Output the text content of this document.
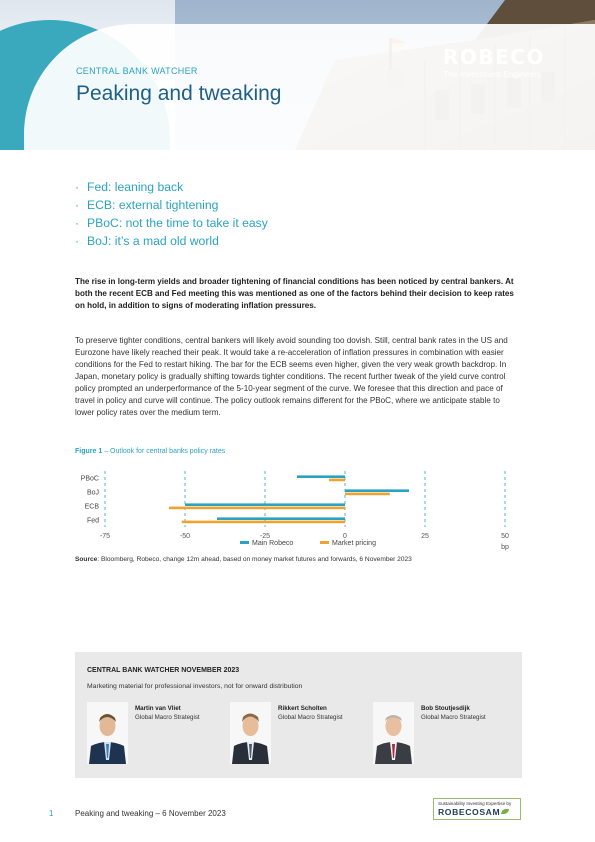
CENTRAL BANK WATCHER
Peaking and tweaking
ROBECO
The Investment Engineers
· Fed: leaning back
· ECB: external tightening
· PBoC: not the time to take it easy
· BoJ: it’s a mad old world

The rise in long-term yields and broader tightening of financial conditions has been noticed by central bankers. At both the recent ECB and Fed meeting this was mentioned as one of the factors behind their decision to keep rates on hold, in addition to signs of moderating inflation pressures.

To preserve tighter conditions, central bankers will likely avoid sounding too dovish. Still, central bank rates in the US and Eurozone have likely reached their peak. It would take a re-acceleration of inflation pressures in combination with easier conditions for the Fed to restart hiking. The bar for the ECB seems even higher, given the very weak growth backdrop. In Japan, monetary policy is gradually shifting towards tighter conditions. The recent further tweak of the yield curve control policy prompted an underperformance of the 5-10-year segment of the curve. We foresee that this direction and pace of travel in policy and curve will continue. The policy outlook remains different for the PBoC, where we anticipate stable to lower policy rates over the medium term.

Figure 1 – Outlook for central banks policy rates
-75	-50	-25	0	25	50
bp
PBoC
BoJ
ECB
Fed
Main Robeco	Market pricing
Source: Bloomberg, Robeco, change 12m ahead, based on money market futures and forwards, 6 November 2023
CENTRAL BANK WATCHER NOVEMBER 2023
Marketing material for professional investors, not for onward distribution
Martin van Vliet
Global Macro Strategist
Rikkert Scholten
Global Macro Strategist
Bob Stoutjesdijk
Global Macro Strategist
1	Peaking and tweaking – 6 November 2023
Sustainability Investing Expertise by
ROBECOSAM
